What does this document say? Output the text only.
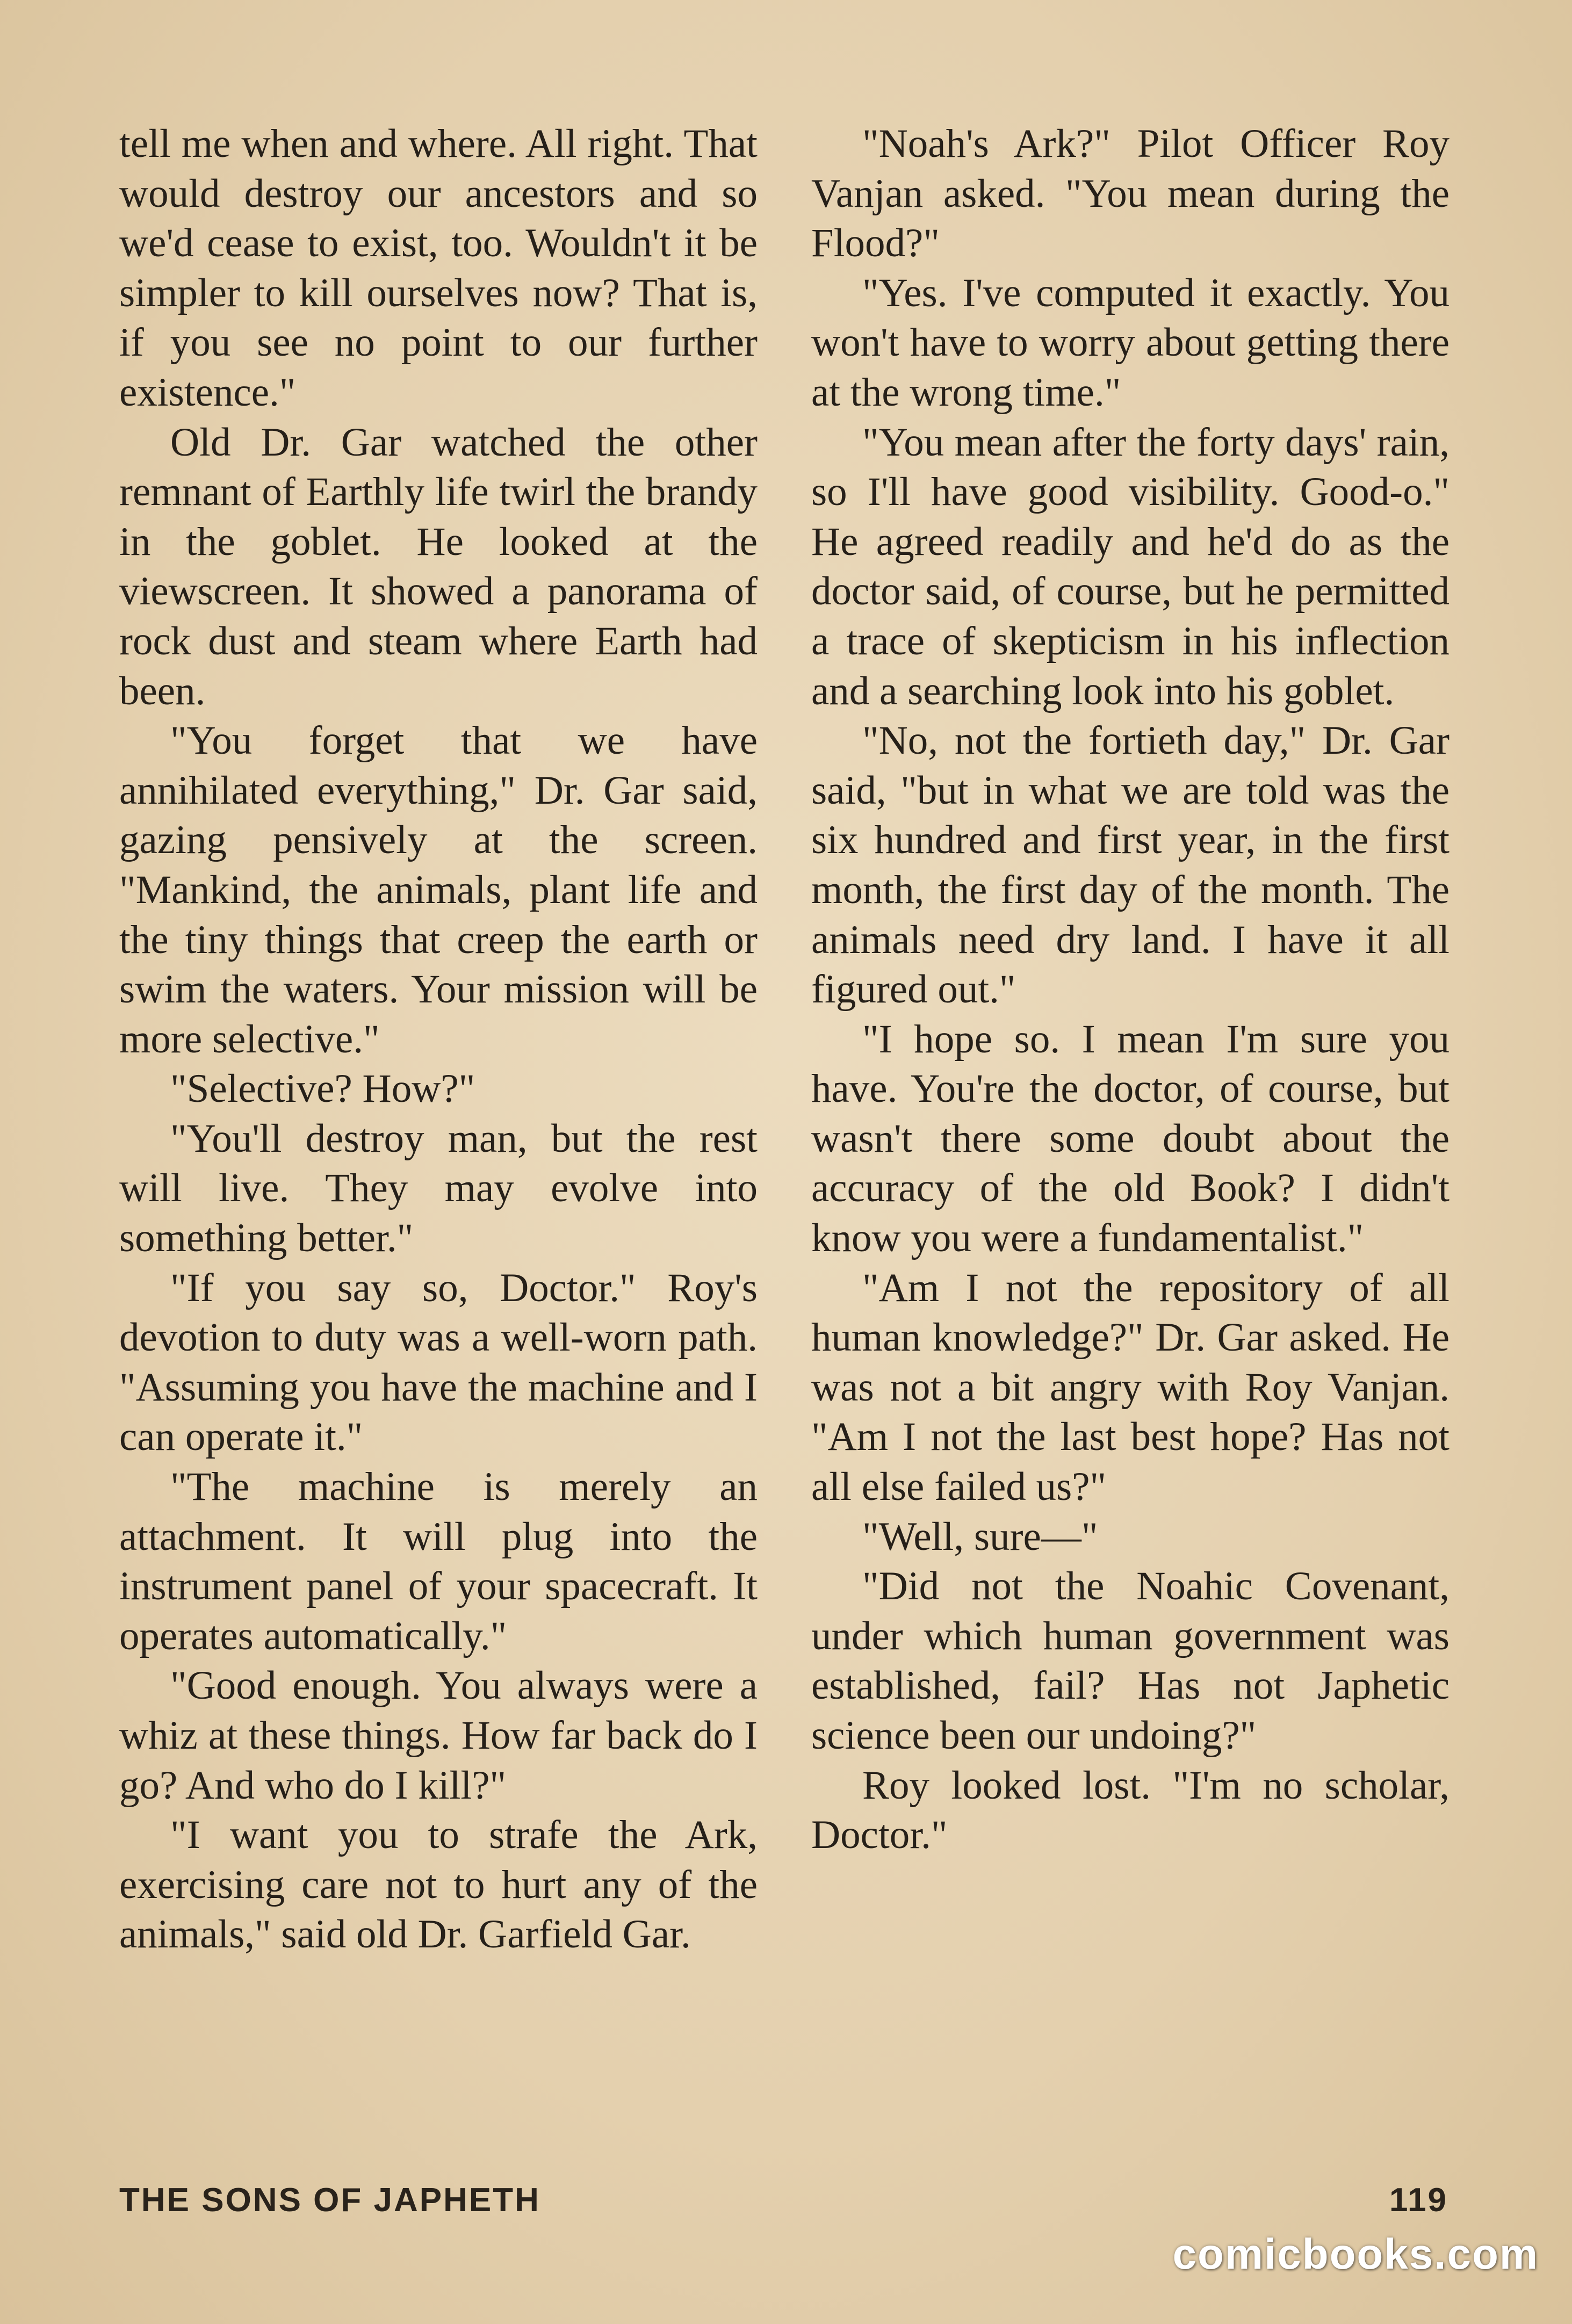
tell me when and where. All right. That would destroy our ancestors and so we'd cease to exist, too. Wouldn't it be simpler to kill ourselves now? That is, if you see no point to our further existence."

Old Dr. Gar watched the other remnant of Earthly life twirl the brandy in the goblet. He looked at the viewscreen. It showed a panorama of rock dust and steam where Earth had been.

"You forget that we have annihilated everything," Dr. Gar said, gazing pensively at the screen. "Mankind, the animals, plant life and the tiny things that creep the earth or swim the waters. Your mission will be more selective."

"Selective? How?"

"You'll destroy man, but the rest will live. They may evolve into something better."

"If you say so, Doctor." Roy's devotion to duty was a well-worn path. "Assuming you have the machine and I can operate it."

"The machine is merely an attachment. It will plug into the instrument panel of your spacecraft. It operates automatically."

"Good enough. You always were a whiz at these things. How far back do I go? And who do I kill?"

"I want you to strafe the Ark, exercising care not to hurt any of the animals," said old Dr. Garfield Gar.

"Noah's Ark?" Pilot Officer Roy Vanjan asked. "You mean during the Flood?"

"Yes. I've computed it exactly. You won't have to worry about getting there at the wrong time."

"You mean after the forty days' rain, so I'll have good visibility. Good-o." He agreed readily and he'd do as the doctor said, of course, but he permitted a trace of skepticism in his inflection and a searching look into his goblet.

"No, not the fortieth day," Dr. Gar said, "but in what we are told was the six hundred and first year, in the first month, the first day of the month. The animals need dry land. I have it all figured out."

"I hope so. I mean I'm sure you have. You're the doctor, of course, but wasn't there some doubt about the accuracy of the old Book? I didn't know you were a fundamentalist."

"Am I not the repository of all human knowledge?" Dr. Gar asked. He was not a bit angry with Roy Vanjan. "Am I not the last best hope? Has not all else failed us?"

"Well, sure—"

"Did not the Noahic Covenant, under which human government was established, fail? Has not Japhetic science been our undoing?"

Roy looked lost. "I'm no scholar, Doctor."

THE SONS OF JAPHETH	119
comicbooks.com
